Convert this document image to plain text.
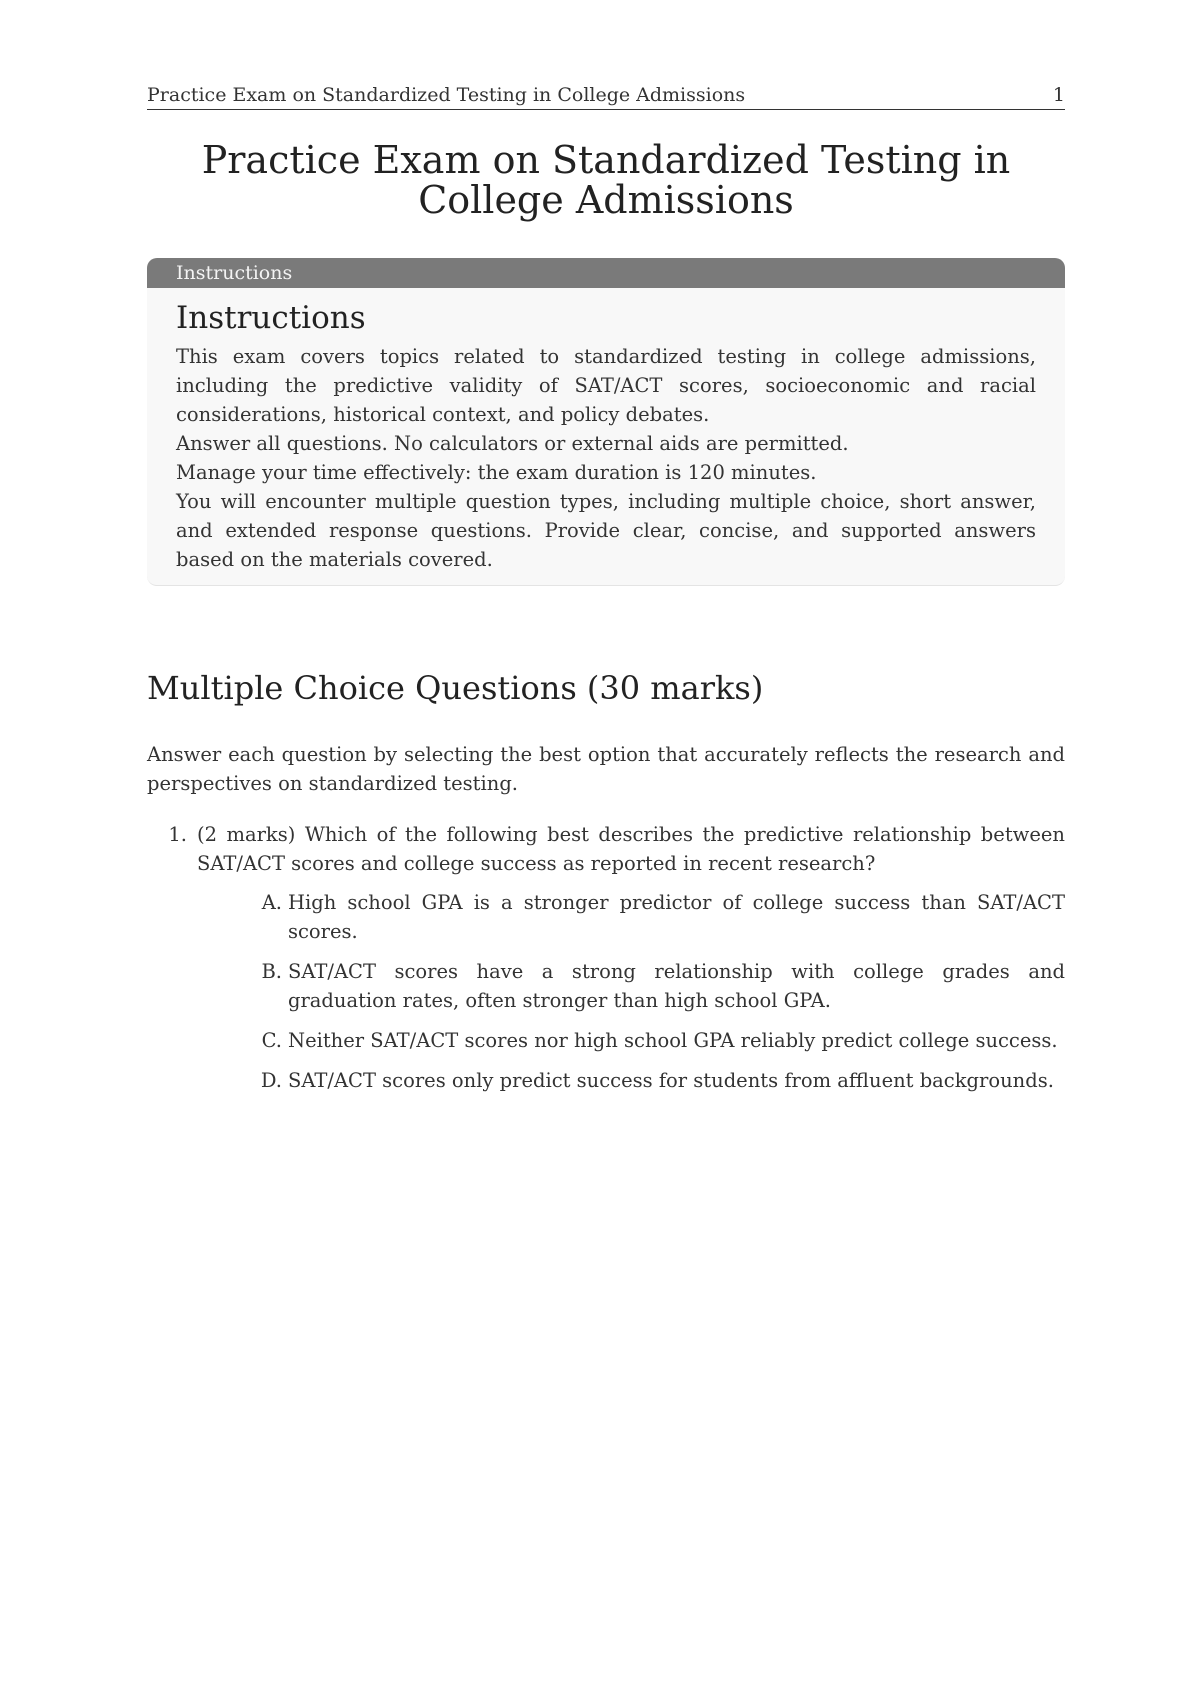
Practice Exam on Standardized Testing in College Admissions	1
Practice Exam on Standardized Testing in
College Admissions
Instructions
Instructions

This exam covers topics related to standardized testing in college admissions, including the predictive validity of SAT/ACT scores, socioeconomic and racial considerations, historical context, and policy debates.

Answer all questions. No calculators or external aids are permitted.

Manage your time effectively: the exam duration is 120 minutes.

You will encounter multiple question types, including multiple choice, short answer, and extended response questions. Provide clear, concise, and supported answers based on the materials covered.

Multiple Choice Questions (30 marks)

Answer each question by selecting the best option that accurately reflects the research and perspectives on standardized testing.

1. (2 marks) Which of the following best describes the predictive relationship between SAT/ACT scores and college success as reported in recent research?
A. High school GPA is a stronger predictor of college success than SAT/ACT scores.
B. SAT/ACT scores have a strong relationship with college grades and graduation rates, often stronger than high school GPA.
C. Neither SAT/ACT scores nor high school GPA reliably predict college success.
D. SAT/ACT scores only predict success for students from affluent backgrounds.
